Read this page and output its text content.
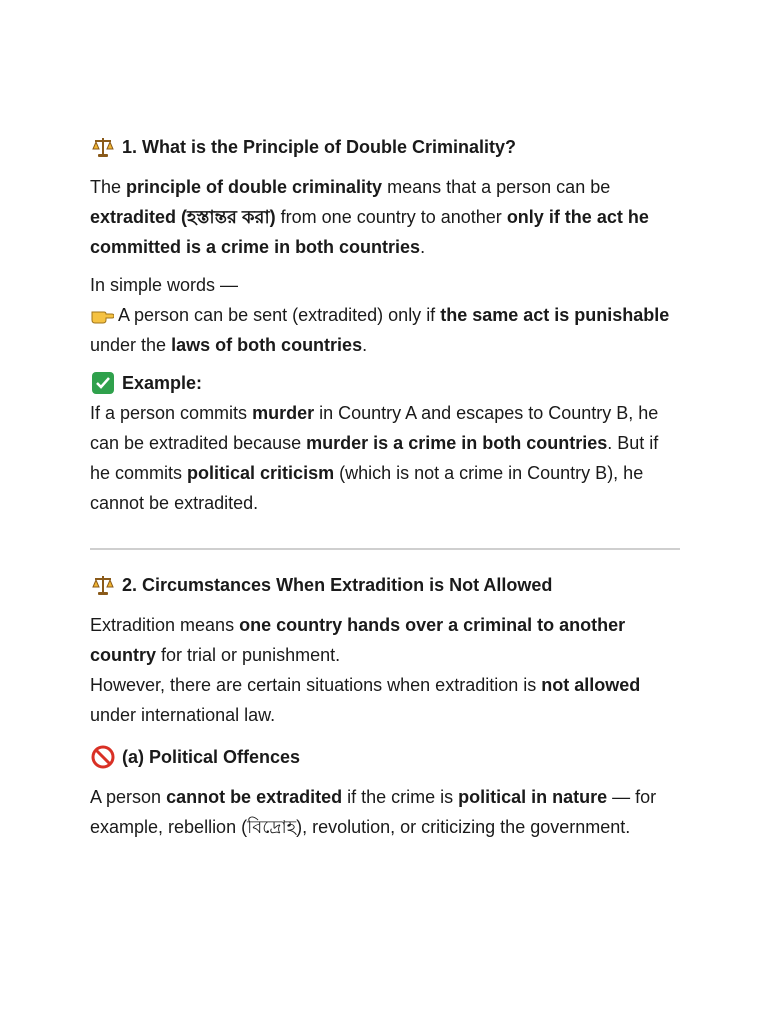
1. What is the Principle of Double Criminality?

The principle of double criminality means that a person can be extradited (হস্তান্তর করা) from one country to another only if the act he committed is a crime in both countries.

In simple words —

A person can be sent (extradited) only if the same act is punishable under the laws of both countries.

Example:

If a person commits murder in Country A and escapes to Country B, he can be extradited because murder is a crime in both countries. But if he commits political criticism (which is not a crime in Country B), he cannot be extradited.

2. Circumstances When Extradition is Not Allowed

Extradition means one country hands over a criminal to another country for trial or punishment.

However, there are certain situations when extradition is not allowed under international law.

(a) Political Offences

A person cannot be extradited if the crime is political in nature — for example, rebellion (বিদ্রোহ), revolution, or criticizing the government.
